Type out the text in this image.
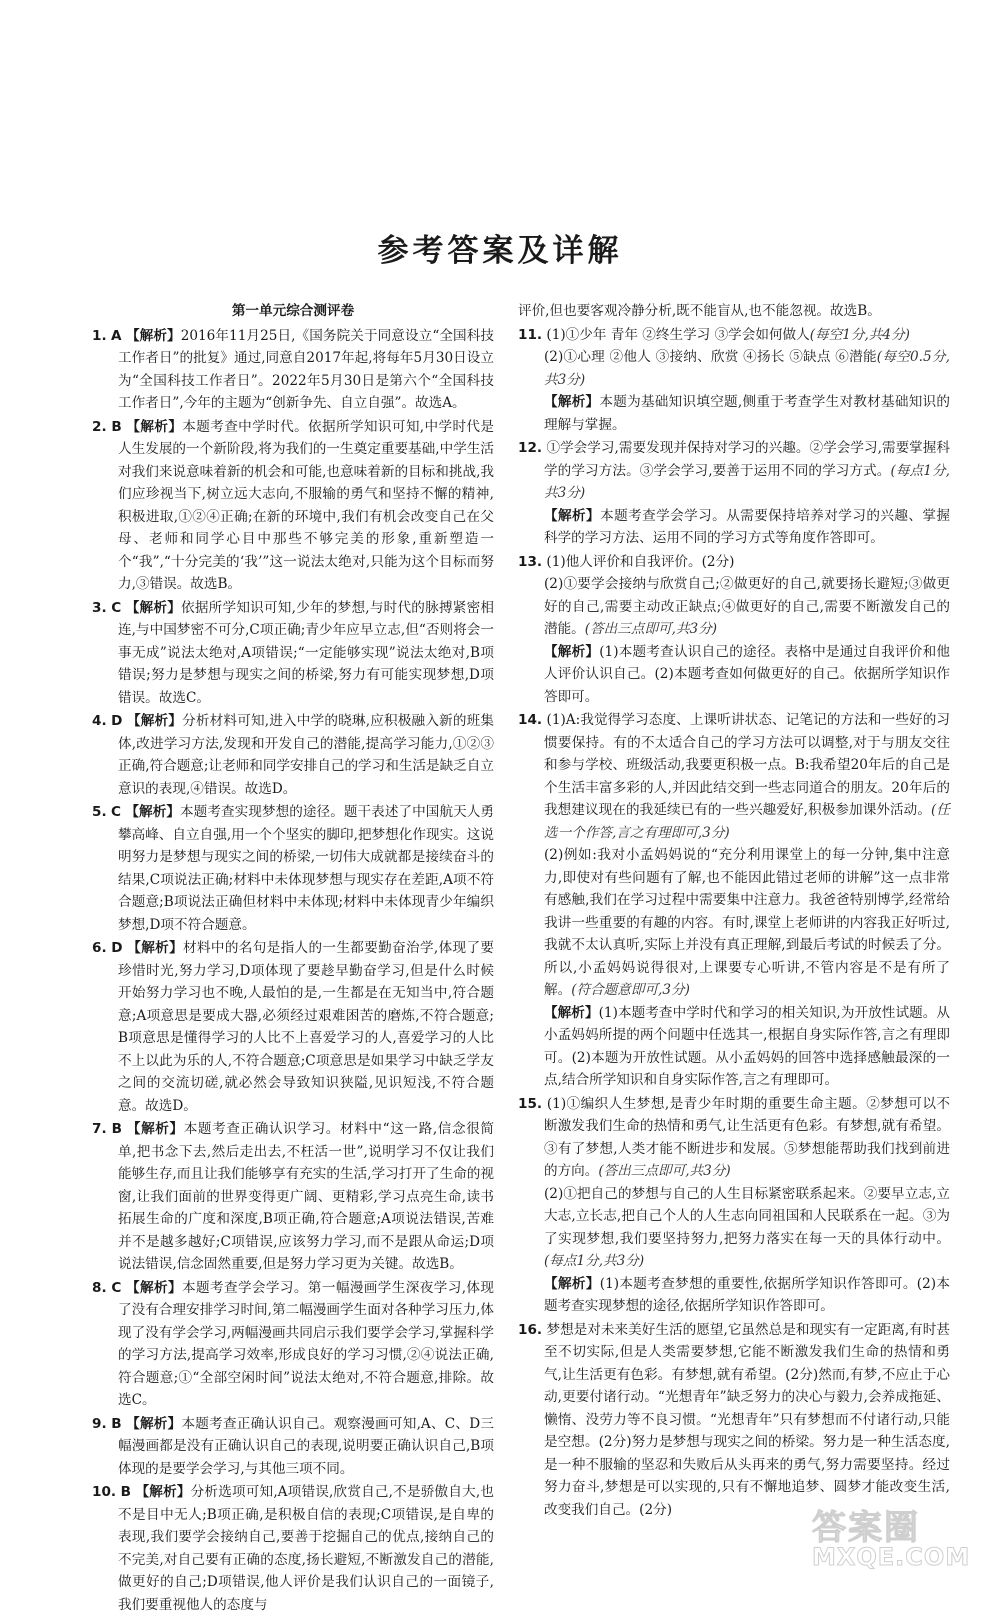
参考答案及详解
第一单元综合测评卷
1. A 【解析】2016年11月25日,《国务院关于同意设立“全国科技工作者日”的批复》通过,同意自2017年起,将每年5月30日设立为“全国科技工作者日”。2022年5月30日是第六个“全国科技工作者日”,今年的主题为“创新争先、自立自强”。故选A。
2. B 【解析】本题考查中学时代。依据所学知识可知,中学时代是人生发展的一个新阶段,将为我们的一生奠定重要基础,中学生活对我们来说意味着新的机会和可能,也意味着新的目标和挑战,我们应珍视当下,树立远大志向,不服输的勇气和坚持不懈的精神,积极进取,①②④正确;在新的环境中,我们有机会改变自己在父母、老师和同学心目中那些不够完美的形象,重新塑造一个“我”,“十分完美的‘我’”这一说法太绝对,只能为这个目标而努力,③错误。故选B。
3. C 【解析】依据所学知识可知,少年的梦想,与时代的脉搏紧密相连,与中国梦密不可分,C项正确;青少年应早立志,但“否则将会一事无成”说法太绝对,A项错误;“一定能够实现”说法太绝对,B项错误;努力是梦想与现实之间的桥梁,努力有可能实现梦想,D项错误。故选C。
4. D 【解析】分析材料可知,进入中学的晓琳,应积极融入新的班集体,改进学习方法,发现和开发自己的潜能,提高学习能力,①②③正确,符合题意;让老师和同学安排自己的学习和生活是缺乏自立意识的表现,④错误。故选D。
5. C 【解析】本题考查实现梦想的途径。题干表述了中国航天人勇攀高峰、自立自强,用一个个坚实的脚印,把梦想化作现实。这说明努力是梦想与现实之间的桥梁,一切伟大成就都是接续奋斗的结果,C项说法正确;材料中未体现梦想与现实存在差距,A项不符合题意;B项说法正确但材料中未体现;材料中未体现青少年编织梦想,D项不符合题意。
6. D 【解析】材料中的名句是指人的一生都要勤奋治学,体现了要珍惜时光,努力学习,D项体现了要趁早勤奋学习,但是什么时候开始努力学习也不晚,人最怕的是,一生都是在无知当中,符合题意;A项意思是要成大器,必须经过艰难困苦的磨炼,不符合题意;B项意思是懂得学习的人比不上喜爱学习的人,喜爱学习的人比不上以此为乐的人,不符合题意;C项意思是如果学习中缺乏学友之间的交流切磋,就必然会导致知识狭隘,见识短浅,不符合题意。故选D。
7. B 【解析】本题考查正确认识学习。材料中“这一路,信念很简单,把书念下去,然后走出去,不枉活一世”,说明学习不仅让我们能够生存,而且让我们能够享有充实的生活,学习打开了生命的视窗,让我们面前的世界变得更广阔、更精彩,学习点亮生命,读书拓展生命的广度和深度,B项正确,符合题意;A项说法错误,苦难并不是越多越好;C项错误,应该努力学习,而不是跟从命运;D项说法错误,信念固然重要,但是努力学习更为关键。故选B。
8. C 【解析】本题考查学会学习。第一幅漫画学生深夜学习,体现了没有合理安排学习时间,第二幅漫画学生面对各种学习压力,体现了没有学会学习,两幅漫画共同启示我们要学会学习,掌握科学的学习方法,提高学习效率,形成良好的学习习惯,②④说法正确,符合题意;①“全部空闲时间”说法太绝对,不符合题意,排除。故选C。
9. B 【解析】本题考查正确认识自己。观察漫画可知,A、C、D三幅漫画都是没有正确认识自己的表现,说明要正确认识自己,B项体现的是要学会学习,与其他三项不同。
10. B 【解析】分析选项可知,A项错误,欣赏自己,不是骄傲自大,也不是目中无人;B项正确,是积极自信的表现;C项错误,是自卑的表现,我们要学会接纳自己,要善于挖掘自己的优点,接纳自己的不完美,对自己要有正确的态度,扬长避短,不断激发自己的潜能,做更好的自己;D项错误,他人评价是我们认识自己的一面镜子,我们要重视他人的态度与
评价,但也要客观冷静分析,既不能盲从,也不能忽视。故选B。
11. (1)①少年 青年 ②终生学习 ③学会如何做人(每空1分,共4分)
(2)①心理 ②他人 ③接纳、欣赏 ④扬长 ⑤缺点 ⑥潜能(每空0.5分,共3分)
【解析】本题为基础知识填空题,侧重于考查学生对教材基础知识的理解与掌握。
12. ①学会学习,需要发现并保持对学习的兴趣。②学会学习,需要掌握科学的学习方法。③学会学习,要善于运用不同的学习方式。(每点1分,共3分)
【解析】本题考查学会学习。从需要保持培养对学习的兴趣、掌握科学的学习方法、运用不同的学习方式等角度作答即可。
13. (1)他人评价和自我评价。(2分)
(2)①要学会接纳与欣赏自己;②做更好的自己,就要扬长避短;③做更好的自己,需要主动改正缺点;④做更好的自己,需要不断激发自己的潜能。(答出三点即可,共3分)
【解析】(1)本题考查认识自己的途径。表格中是通过自我评价和他人评价认识自己。(2)本题考查如何做更好的自己。依据所学知识作答即可。
14. (1)A:我觉得学习态度、上课听讲状态、记笔记的方法和一些好的习惯要保持。有的不太适合自己的学习方法可以调整,对于与朋友交往和参与学校、班级活动,我要更积极一点。B:我希望20年后的自己是个生活丰富多彩的人,并因此结交到一些志同道合的朋友。20年后的我想建议现在的我延续已有的一些兴趣爱好,积极参加课外活动。(任选一个作答,言之有理即可,3分)
(2)例如:我对小孟妈妈说的“充分利用课堂上的每一分钟,集中注意力,即使对有些问题有了解,也不能因此错过老师的讲解”这一点非常有感触,我们在学习过程中需要集中注意力。我爸爸特别博学,经常给我讲一些重要的有趣的内容。有时,课堂上老师讲的内容我正好听过,我就不太认真听,实际上并没有真正理解,到最后考试的时候丢了分。所以,小孟妈妈说得很对,上课要专心听讲,不管内容是不是有所了解。(符合题意即可,3分)
【解析】(1)本题考查中学时代和学习的相关知识,为开放性试题。从小孟妈妈所提的两个问题中任选其一,根据自身实际作答,言之有理即可。(2)本题为开放性试题。从小孟妈妈的回答中选择感触最深的一点,结合所学知识和自身实际作答,言之有理即可。
15. (1)①编织人生梦想,是青少年时期的重要生命主题。②梦想可以不断激发我们生命的热情和勇气,让生活更有色彩。有梦想,就有希望。③有了梦想,人类才能不断进步和发展。⑤梦想能帮助我们找到前进的方向。(答出三点即可,共3分)
(2)①把自己的梦想与自己的人生目标紧密联系起来。②要早立志,立大志,立长志,把自己个人的人生志向同祖国和人民联系在一起。③为了实现梦想,我们要坚持努力,把努力落实在每一天的具体行动中。(每点1分,共3分)
【解析】(1)本题考查梦想的重要性,依据所学知识作答即可。(2)本题考查实现梦想的途径,依据所学知识作答即可。
16. 梦想是对未来美好生活的愿望,它虽然总是和现实有一定距离,有时甚至不切实际,但是人类需要梦想,它能不断激发我们生命的热情和勇气,让生活更有色彩。有梦想,就有希望。(2分)然而,有梦,不应止于心动,更要付诸行动。“光想青年”缺乏努力的决心与毅力,会养成拖延、懒惰、没劳力等不良习惯。“光想青年”只有梦想而不付诸行动,只能是空想。(2分)努力是梦想与现实之间的桥梁。努力是一种生活态度,是一种不服输的坚忍和失败后从头再来的勇气,努力需要坚持。经过努力奋斗,梦想是可以实现的,只有不懈地追梦、圆梦才能改变生活,改变我们自己。(2分)	答案圈
MXQE.COM
